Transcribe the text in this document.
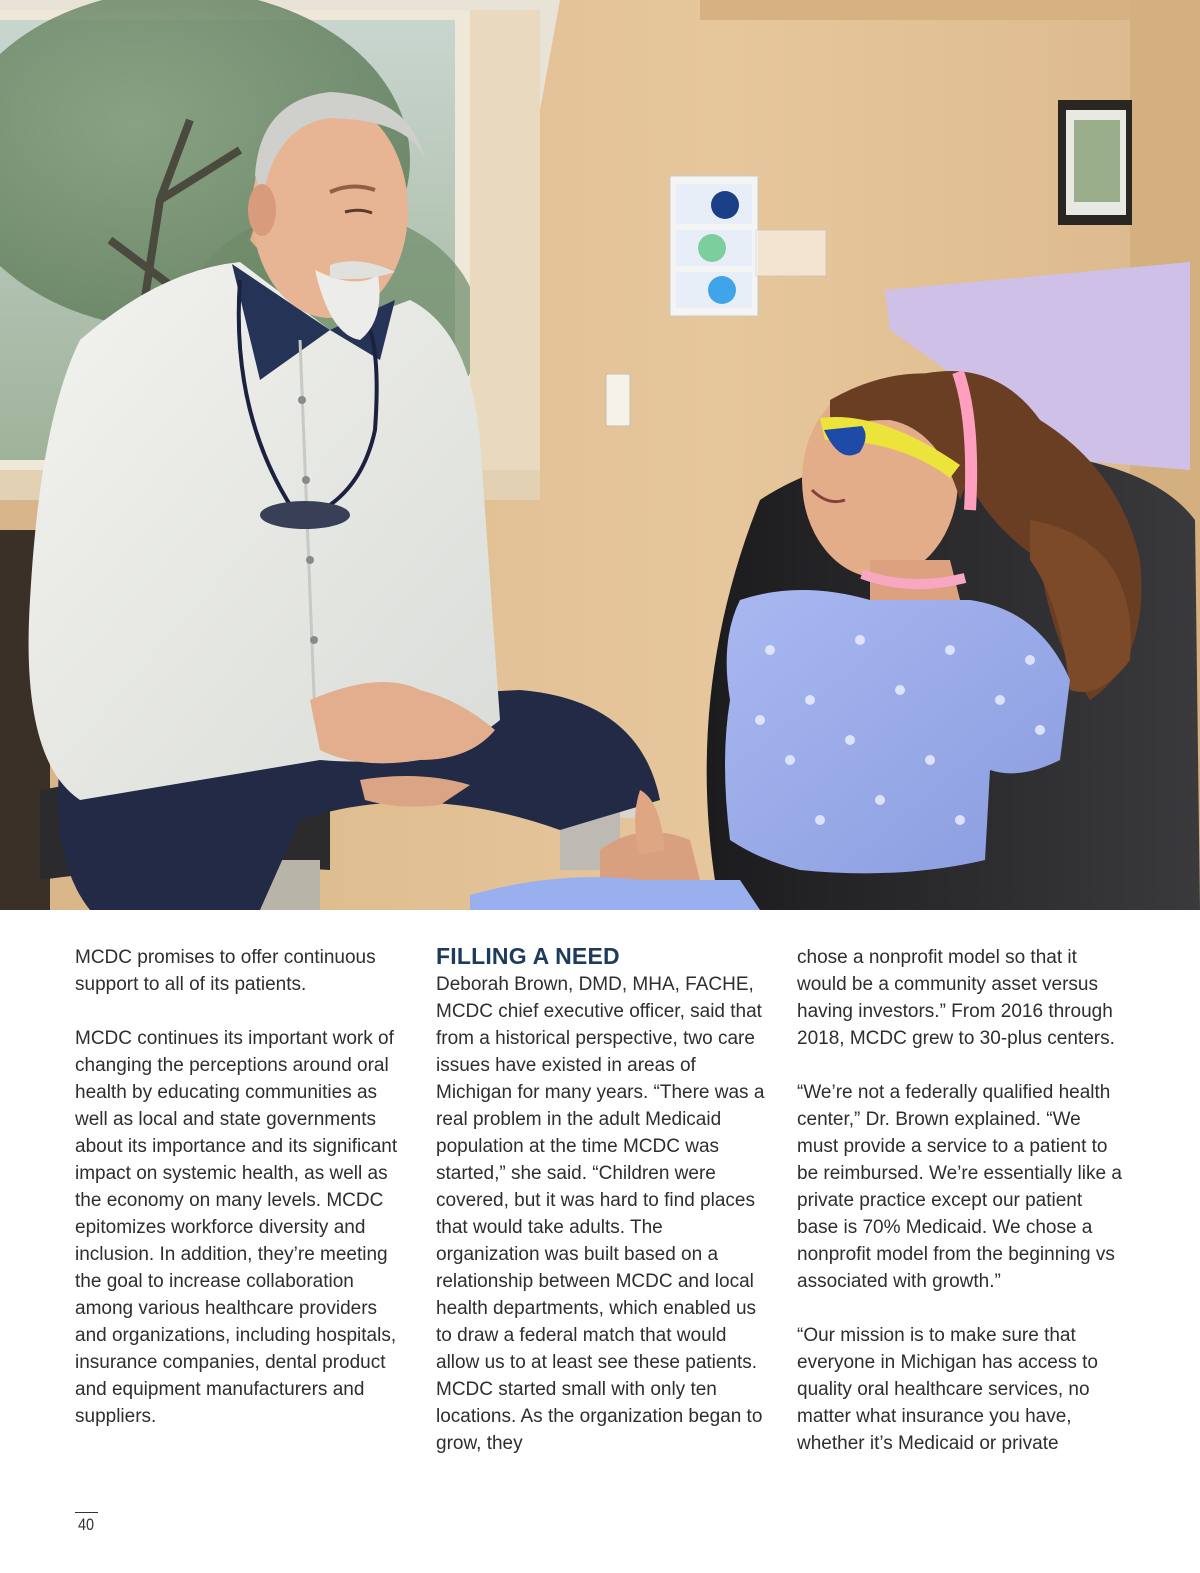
MCDC promises to offer continuous support to all of its patients.
MCDC continues its important work of changing the perceptions around oral health by educating communities as well as local and state governments about its importance and its significant impact on systemic health, as well as the economy on many levels. MCDC epitomizes workforce diversity and inclusion. In addition, they’re meeting the goal to increase collaboration among various healthcare providers and organizations, including hospitals, insurance companies, dental product and equipment manufacturers and suppliers.
FILLING A NEED
Deborah Brown, DMD, MHA, FACHE, MCDC chief executive officer, said that from a historical perspective, two care issues have existed in areas of Michigan for many years. “There was a real problem in the adult Medicaid population at the time MCDC was started,” she said. “Children were covered, but it was hard to find places that would take adults. The organization was built based on a relationship between MCDC and local health departments, which enabled us to draw a federal match that would allow us to at least see these patients. MCDC started small with only ten locations. As the organization began to grow, they
chose a nonprofit model so that it would be a community asset versus having investors.” From 2016 through 2018, MCDC grew to 30-plus centers.
“We’re not a federally qualified health center,” Dr. Brown explained. “We must provide a service to a patient to be reimbursed. We’re essentially like a private practice except our patient base is 70% Medicaid. We chose a nonprofit model from the beginning vs associated with growth.”
“Our mission is to make sure that everyone in Michigan has access to quality oral healthcare services, no matter what insurance you have, whether it’s Medicaid or private
40
